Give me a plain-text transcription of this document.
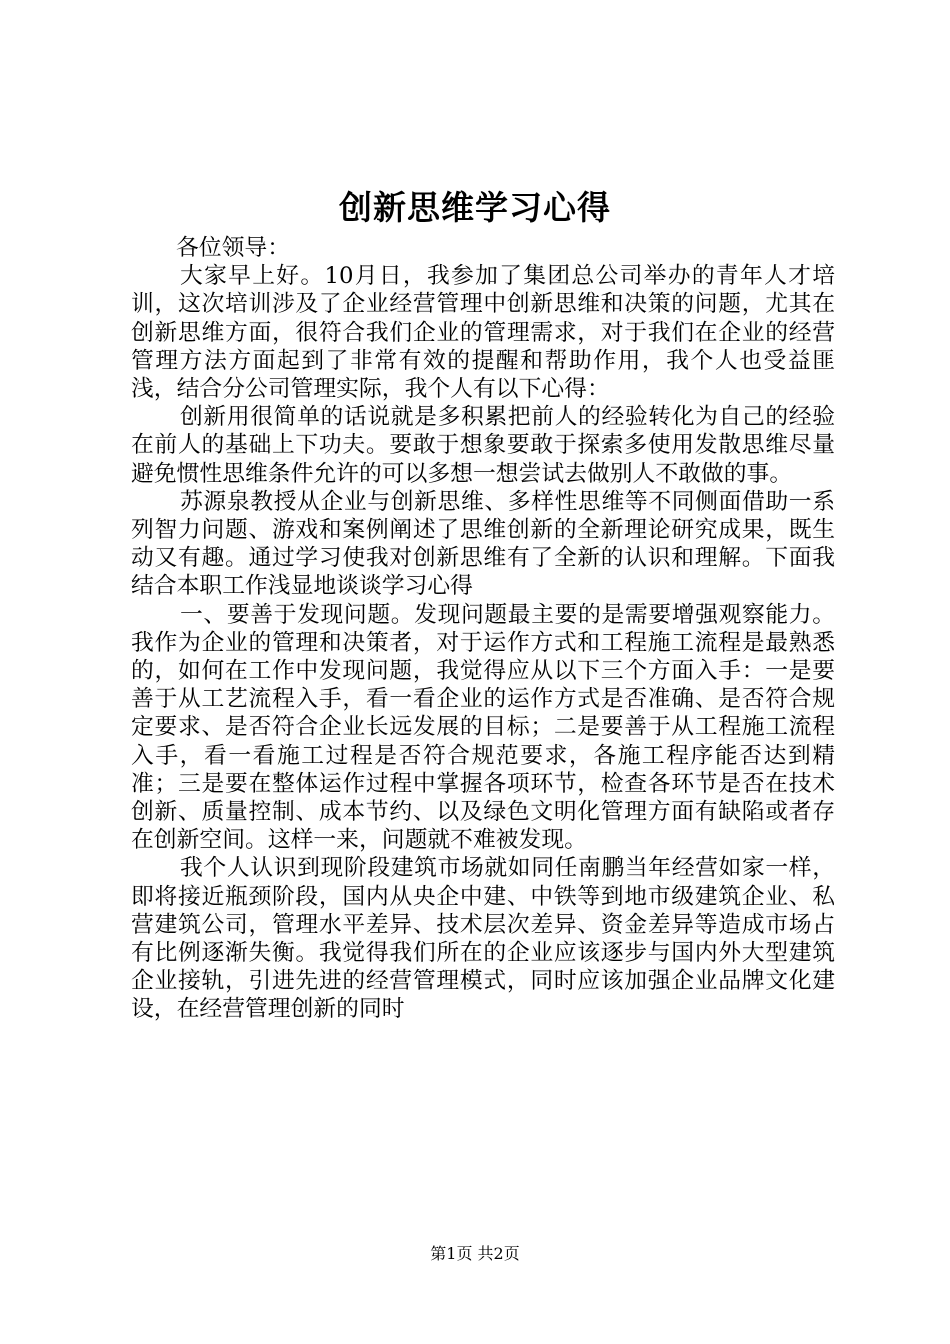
创新思维学习心得

各位领导：

大家早上好。10月日，我参加了集团总公司举办的青年人才培训，这次培训涉及了企业经营管理中创新思维和决策的问题，尤其在创新思维方面，很符合我们企业的管理需求，对于我们在企业的经营管理方法方面起到了非常有效的提醒和帮助作用，我个人也受益匪浅，结合分公司管理实际，我个人有以下心得：

创新用很简单的话说就是多积累把前人的经验转化为自己的经验在前人的基础上下功夫。要敢于想象要敢于探索多使用发散思维尽量避免惯性思维条件允许的可以多想一想尝试去做别人不敢做的事。

苏源泉教授从企业与创新思维、多样性思维等不同侧面借助一系列智力问题、游戏和案例阐述了思维创新的全新理论研究成果，既生动又有趣。通过学习使我对创新思维有了全新的认识和理解。下面我结合本职工作浅显地谈谈学习心得

一、要善于发现问题。发现问题最主要的是需要增强观察能力。我作为企业的管理和决策者，对于运作方式和工程施工流程是最熟悉的，如何在工作中发现问题，我觉得应从以下三个方面入手：一是要善于从工艺流程入手，看一看企业的运作方式是否准确、是否符合规定要求、是否符合企业长远发展的目标；二是要善于从工程施工流程入手，看一看施工过程是否符合规范要求，各施工程序能否达到精准；三是要在整体运作过程中掌握各项环节，检查各环节是否在技术创新、质量控制、成本节约、以及绿色文明化管理方面有缺陷或者存在创新空间。这样一来，问题就不难被发现。

我个人认识到现阶段建筑市场就如同任南鹏当年经营如家一样，即将接近瓶颈阶段，国内从央企中建、中铁等到地市级建筑企业、私营建筑公司，管理水平差异、技术层次差异、资金差异等造成市场占有比例逐渐失衡。我觉得我们所在的企业应该逐步与国内外大型建筑企业接轨，引进先进的经营管理模式，同时应该加强企业品牌文化建设，在经营管理创新的同时

第1页 共2页
